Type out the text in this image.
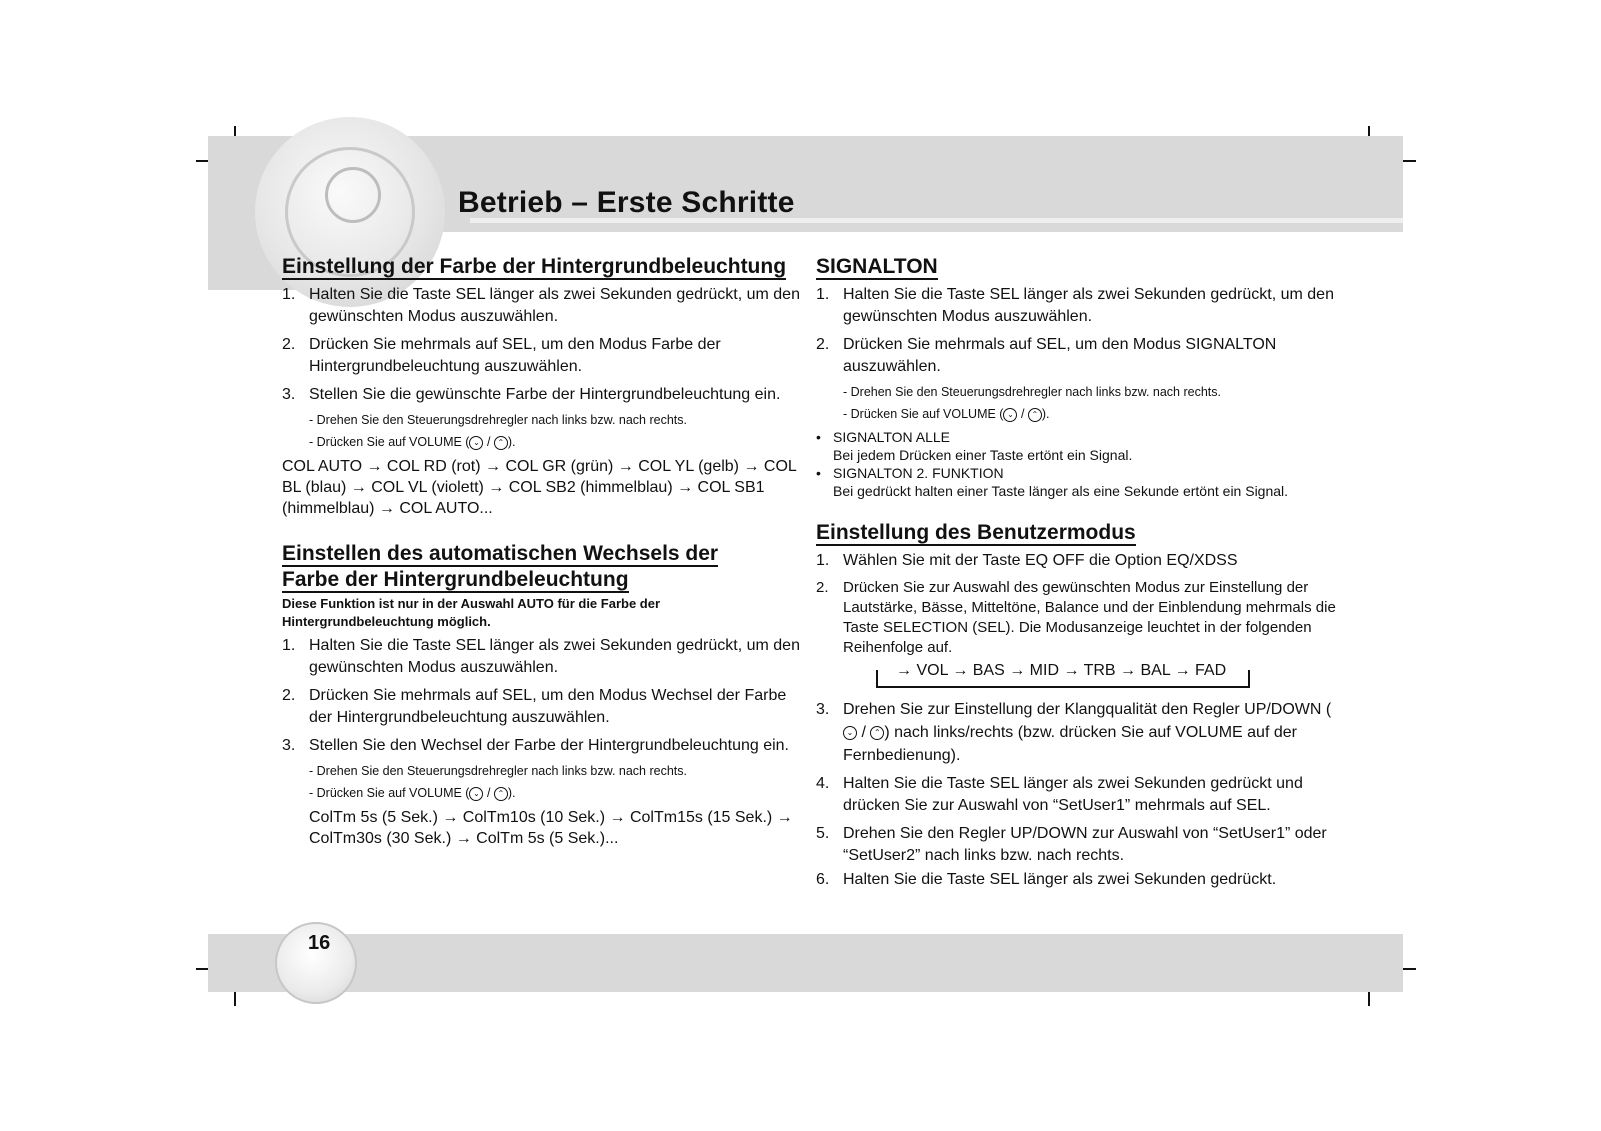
Betrieb – Erste Schritte
Einstellung der Farbe der Hintergrundbeleuchtung
1. Halten Sie die Taste SEL länger als zwei Sekunden gedrückt, um den gewünschten Modus auszuwählen.
2. Drücken Sie mehrmals auf SEL, um den Modus Farbe der Hintergrundbeleuchtung auszuwählen.
3. Stellen Sie die gewünschte Farbe der Hintergrundbeleuchtung ein.
- Drehen Sie den Steuerungsdrehregler nach links bzw. nach rechts.
- Drücken Sie auf VOLUME ( ⌄ / ⌃ ).

COL AUTO → COL RD (rot) → COL GR (grün) → COL YL (gelb) → COL BL (blau) → COL VL (violett) → COL SB2 (himmelblau) → COL SB1 (himmelblau) → COL AUTO...

Einstellen des automatischen Wechsels der
Farbe der Hintergrundbeleuchtung
Diese Funktion ist nur in der Auswahl AUTO für die Farbe der Hintergrundbeleuchtung möglich.
1. Halten Sie die Taste SEL länger als zwei Sekunden gedrückt, um den gewünschten Modus auszuwählen.
2. Drücken Sie mehrmals auf SEL, um den Modus Wechsel der Farbe der Hintergrundbeleuchtung auszuwählen.
3. Stellen Sie den Wechsel der Farbe der Hintergrundbeleuchtung ein.
- Drehen Sie den Steuerungsdrehregler nach links bzw. nach rechts.
- Drücken Sie auf VOLUME ( ⌄ / ⌃ ).

ColTm 5s (5 Sek.) → ColTm10s (10 Sek.) → ColTm15s (15 Sek.) → ColTm30s (30 Sek.) → ColTm 5s (5 Sek.)...

SIGNALTON
1. Halten Sie die Taste SEL länger als zwei Sekunden gedrückt, um den gewünschten Modus auszuwählen.
2. Drücken Sie mehrmals auf SEL, um den Modus SIGNALTON auszuwählen.
- Drehen Sie den Steuerungsdrehregler nach links bzw. nach rechts.
- Drücken Sie auf VOLUME ( ⌄ / ⌃ ).
• SIGNALTON ALLE
Bei jedem Drücken einer Taste ertönt ein Signal.
• SIGNALTON 2. FUNKTION
Bei gedrückt halten einer Taste länger als eine Sekunde ertönt ein Signal.
Einstellung des Benutzermodus
1. Wählen Sie mit der Taste EQ OFF die Option EQ/XDSS
2. Drücken Sie zur Auswahl des gewünschten Modus zur Einstellung der Lautstärke, Bässe, Mitteltöne, Balance und der Einblendung mehrmals die Taste SELECTION (SEL). Die Modusanzeige leuchtet in der folgenden Reihenfolge auf.
→ VOL → BAS → MID → TRB → BAL → FAD
3. Drehen Sie zur Einstellung der Klangqualität den Regler UP/DOWN (⌄ / ⌃ ) nach links/rechts (bzw. drücken Sie auf VOLUME auf der Fernbedienung).
4. Halten Sie die Taste SEL länger als zwei Sekunden gedrückt und drücken Sie zur Auswahl von “SetUser1” mehrmals auf SEL.
5. Drehen Sie den Regler UP/DOWN zur Auswahl von “SetUser1” oder “SetUser2” nach links bzw. nach rechts.
6. Halten Sie die Taste SEL länger als zwei Sekunden gedrückt.
16
